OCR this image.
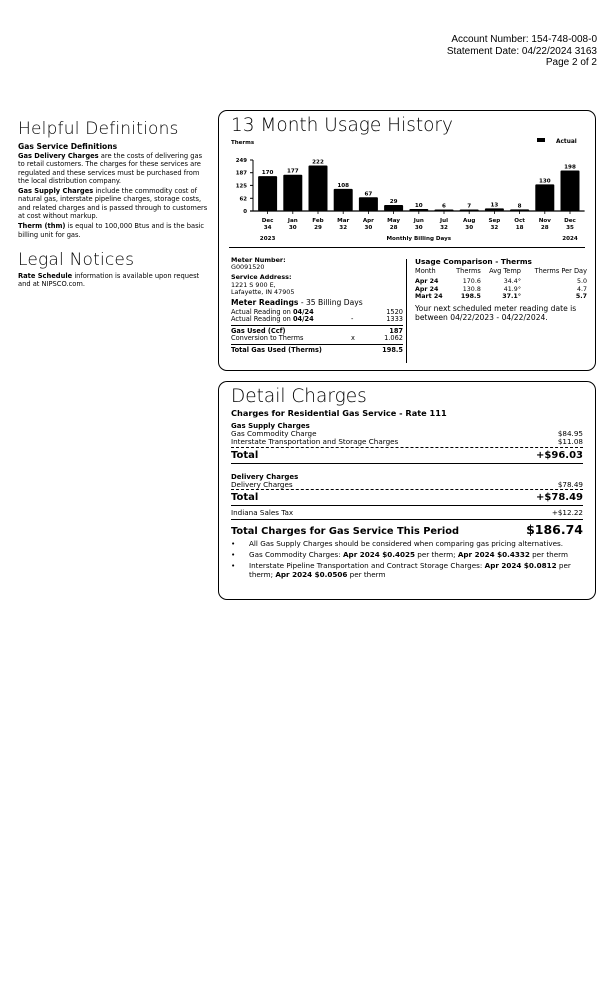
Account Number: 154-748-008-0
Statement Date: 04/22/2024 3163
Page 2 of 2
Helpful Definitions
Gas Service Definitions

Gas Delivery Charges are the costs of delivering gas to retail customers. The charges for these services are regulated and these services must be purchased from the local distribution company.

Gas Supply Charges include the commodity cost of natural gas, interstate pipeline charges, storage costs, and related charges and is passed through to customers at cost without markup.

Therm (thm) is equal to 100,000 Btus and is the basic billing unit for gas.

Legal Notices

Rate Schedule information is available upon request and at NIPSCO.com.

13 Month Usage History
Therms
0
62
125
187
249
170
Dec
34
177
Jan
30
222
Feb
29
108
Mar
32
67
Apr
30
29
May
28
10
Jun
30
6
Jul
32
7
Aug
30
13
Sep
32
8
Oct
18
130
Nov
28
198
Dec
35
2023	2024
Monthly Billing Days
Actual
Meter Number:
G0091520
Service Address:
1221 S 900 E,
Lafayette, IN 47905
Meter Readings - 35 Billing Days
Actual Reading on 04/24	1520
Actual Reading on 04/24	-	1333
Gas Used (Ccf)	187
Conversion to Therms	x	1.062
Total Gas Used (Therms)	198.5
Usage Comparison - Therms
Month	Therms	Avg Temp	Therms Per Day
Apr 24	170.6	34.4°	5.0
Apr 24	130.8	41.9°	4.7
Mart 24	198.5	37.1°	5.7
Your next scheduled meter reading date is between 04/22/2023 - 04/22/2024.
Detail Charges
Charges for Residential Gas Service - Rate 111
Gas Supply Charges
Gas Commodity Charge	$84.95
Interstate Transportation and Storage Charges	$11.08
Total	+$96.03
Delivery Charges
Delivery Charges	$78.49
Total	+$78.49
Indiana Sales Tax	+$12.22
Total Charges for Gas Service This Period	$186.74
• All Gas Supply Charges should be considered when comparing gas pricing alternatives.
• Gas Commodity Charges: Apr 2024 $0.4025 per therm; Apr 2024 $0.4332 per therm
• Interstate Pipeline Transportation and Contract Storage Charges: Apr 2024 $0.0812 per therm; Apr 2024 $0.0506 per therm
